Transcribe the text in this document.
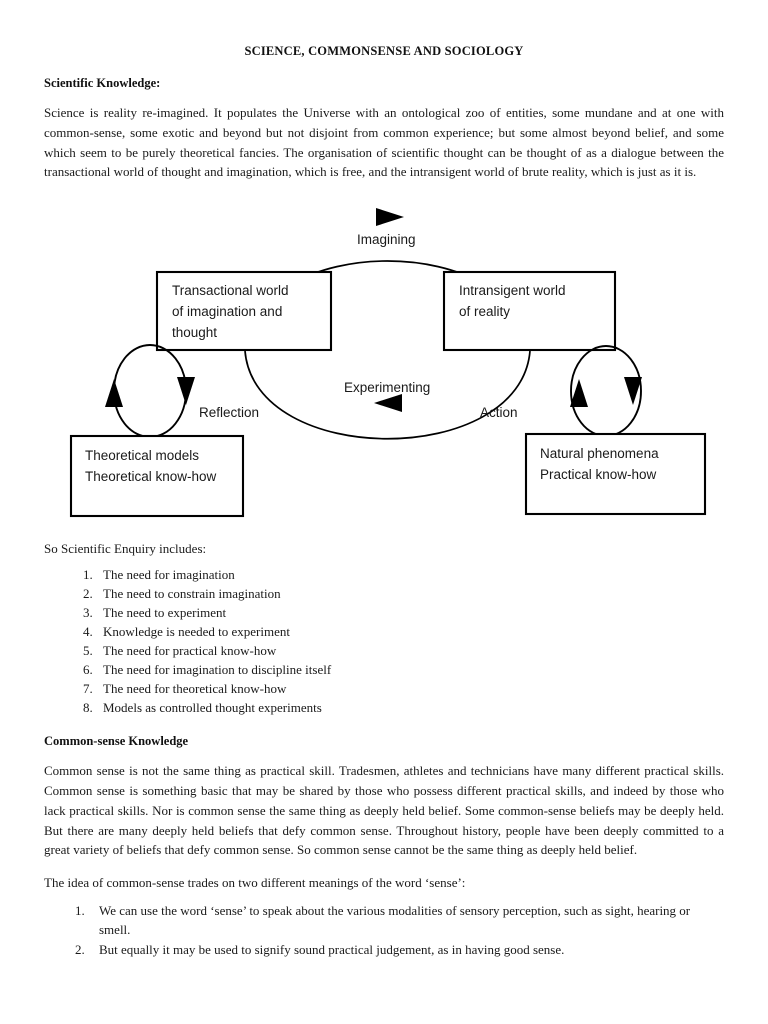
SCIENCE, COMMONSENSE AND SOCIOLOGY
Scientific Knowledge:

Science is reality re-imagined. It populates the Universe with an ontological zoo of entities, some mundane and at one with common-sense, some exotic and beyond but not disjoint from common experience; but some almost beyond belief, and some which seem to be purely theoretical fancies. The organisation of scientific thought can be thought of as a dialogue between the transactional world of thought and imagination, which is free, and the intransigent world of brute reality, which is just as it is.

Transactional world
of imagination and
thought
Intransigent world
of reality
Reflection	Action
Theoretical models
Theoretical know-how
Natural phenomena
Practical know-how
Imagining
Experimenting

So Scientific Enquiry includes:

1. The need for imagination
2. The need to constrain imagination
3. The need to experiment
4. Knowledge is needed to experiment
5. The need for practical know-how
6. The need for imagination to discipline itself
7. The need for theoretical know-how
8. Models as controlled thought experiments
Common-sense Knowledge

Common sense is not the same thing as practical skill. Tradesmen, athletes and technicians have many different practical skills. Common sense is something basic that may be shared by those who possess different practical skills, and indeed by those who lack practical skills. Nor is common sense the same thing as deeply held belief. Some common-sense beliefs may be deeply held. But there are many deeply held beliefs that defy common sense. Throughout history, people have been deeply committed to a great variety of beliefs that defy common sense. So common sense cannot be the same thing as deeply held belief.

The idea of common-sense trades on two different meanings of the word ‘sense’:

1. We can use the word ‘sense’ to speak about the various modalities of sensory perception, such as sight, hearing or smell.
2. But equally it may be used to signify sound practical judgement, as in having good sense.
